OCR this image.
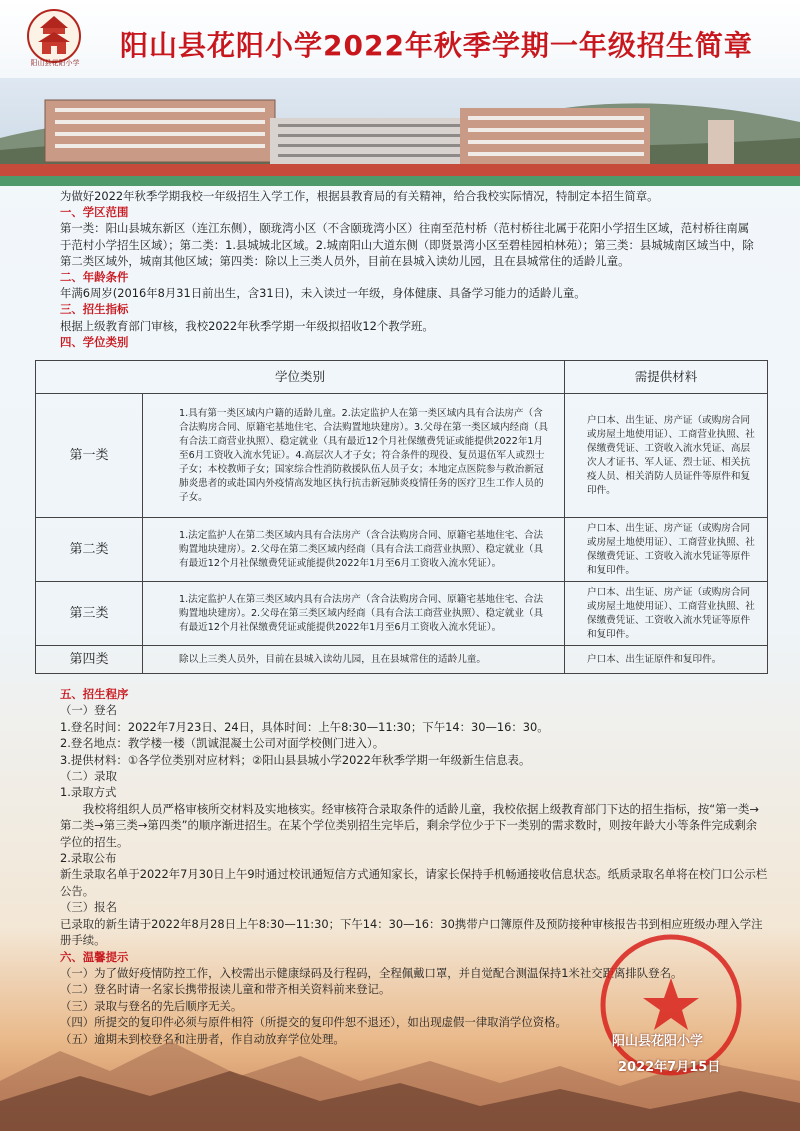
阳山县花阳小学
阳山县花阳小学2022年秋季学期一年级招生简章

为做好2022年秋季学期我校一年级招生入学工作，根据县教育局的有关精神，给合我校实际情况，特制定本招生简章。

一、学区范围

第一类：阳山县城东新区（连江东侧），颐珑湾小区（不含颐珑湾小区）往南至范村桥（范村桥往北属于花阳小学招生区域，范村桥往南属于范村小学招生区域）；第二类：1.县城城北区域。2.城南阳山大道东侧（即贤景湾小区至碧桂园柏林苑）；第三类：县城城南区域当中，除第二类区域外，城南其他区域；第四类：除以上三类人员外，目前在县城入读幼儿园，且在县城常住的适龄儿童。

二、年龄条件

年满6周岁(2016年8月31日前出生，含31日)，未入读过一年级，身体健康、具备学习能力的适龄儿童。

三、招生指标

根据上级教育部门审核，我校2022年秋季学期一年级拟招收12个教学班。

四、学位类别

学位类别		需提供材料
第一类	1.具有第一类区域内户籍的适龄儿童。2.法定监护人在第一类区域内具有合法房产（含合法购房合同、原籍宅基地住宅、合法购置地块建房）。3.父母在第一类区域内经商（具有合法工商营业执照）、稳定就业（具有最近12个月社保缴费凭证或能提供2022年1月至6月工资收入流水凭证）。4.高层次人才子女；符合条件的现役、复员退伍军人或烈士子女；本校教师子女；国家综合性消防救援队伍人员子女；本地定点医院参与救治新冠肺炎患者的或赴国内外疫情高发地区执行抗击新冠肺炎疫情任务的医疗卫生工作人员的子女。	户口本、出生证、房产证（或购房合同或房屋土地使用证）、工商营业执照、社保缴费凭证、工资收入流水凭证、高层次人才证书、军人证、烈士证、相关抗疫人员、相关消防人员证件等原件和复印件。
第二类	1.法定监护人在第二类区域内具有合法房产（含合法购房合同、原籍宅基地住宅、合法购置地块建房）。2.父母在第二类区域内经商（具有合法工商营业执照）、稳定就业（具有最近12个月社保缴费凭证或能提供2022年1月至6月工资收入流水凭证）。	户口本、出生证、房产证（或购房合同或房屋土地使用证）、工商营业执照、社保缴费凭证、工资收入流水凭证等原件和复印件。
第三类	1.法定监护人在第三类区域内具有合法房产（含合法购房合同、原籍宅基地住宅、合法购置地块建房）。2.父母在第三类区域内经商（具有合法工商营业执照）、稳定就业（具有最近12个月社保缴费凭证或能提供2022年1月至6月工资收入流水凭证）。	户口本、出生证、房产证（或购房合同或房屋土地使用证）、工商营业执照、社保缴费凭证、工资收入流水凭证等原件和复印件。
第四类	除以上三类人员外，目前在县城入读幼儿园，且在县城常住的适龄儿童。	户口本、出生证原件和复印件。

五、招生程序

（一）登名

1.登名时间：2022年7月23日、24日，具体时间：上午8:30—11:30；下午14：30—16：30。

2.登名地点：教学楼一楼（凯诚混凝土公司对面学校侧门进入）。

3.提供材料：①各学位类别对应材料；②阳山县县城小学2022年秋季学期一年级新生信息表。

（二）录取

1.录取方式

我校将组织人员严格审核所交材料及实地核实。经审核符合录取条件的适龄儿童，我校依据上级教育部门下达的招生指标，按“第一类→第二类→第三类→第四类”的顺序渐进招生。在某个学位类别招生完毕后，剩余学位少于下一类别的需求数时，则按年龄大小等条件完成剩余学位的招生。

2.录取公布

新生录取名单于2022年7月30日上午9时通过校讯通短信方式通知家长，请家长保持手机畅通接收信息状态。纸质录取名单将在校门口公示栏公告。

（三）报名

已录取的新生请于2022年8月28日上午8:30—11:30；下午14：30—16：30携带户口簿原件及预防接种审核报告书到相应班级办理入学注册手续。

六、温馨提示

（一）为了做好疫情防控工作，入校需出示健康绿码及行程码，全程佩戴口罩，并自觉配合测温保持1米社交距离排队登名。

（二）登名时请一名家长携带报读儿童和带齐相关资料前来登记。

（三）录取与登名的先后顺序无关。

（四）所提交的复印件必须与原件相符（所提交的复印件恕不退还），如出现虚假一律取消学位资格。

（五）逾期未到校登名和注册者，作自动放弃学位处理。	阳山县花阳小学
2022年7月15日
